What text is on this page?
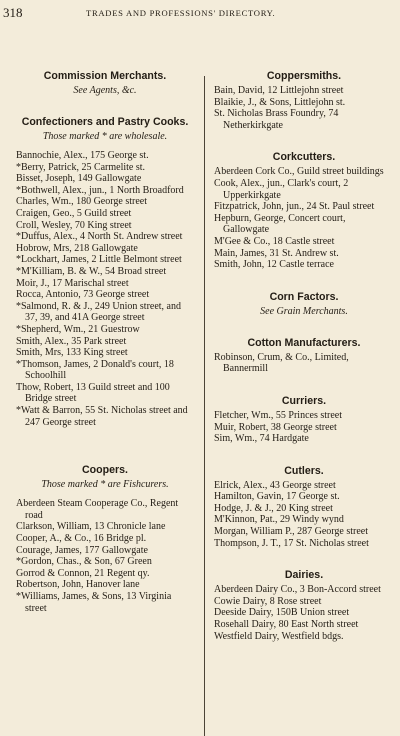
318	TRADES AND PROFESSIONS' DIRECTORY.
Commission Merchants.
See Agents, &c.
Confectioners and Pastry Cooks.
Those marked * are wholesale.
Bannochie, Alex., 175 George st.
*Berry, Patrick, 25 Carmelite st.
Bisset, Joseph, 149 Gallowgate
*Bothwell, Alex., jun., 1 North Broadford
Charles, Wm., 180 George street
Craigen, Geo., 5 Guild street
Croll, Wesley, 70 King street
*Duffus, Alex., 4 North St. Andrew street
Hobrow, Mrs, 218 Gallowgate
*Lockhart, James, 2 Little Belmont street
*M'Killiam, B. & W., 54 Broad street
Moir, J., 17 Marischal street
Rocca, Antonio, 73 George street
*Salmond, R. & J., 249 Union street, and 37, 39, and 41A George street
*Shepherd, Wm., 21 Guestrow
Smith, Alex., 35 Park street
Smith, Mrs, 133 King street
*Thomson, James, 2 Donald's court, 18 Schoolhill
Thow, Robert, 13 Guild street and 100 Bridge street
*Watt & Barron, 55 St. Nicholas street and 247 George street
Coopers.
Those marked * are Fishcurers.
Aberdeen Steam Cooperage Co., Regent road
Clarkson, William, 13 Chronicle lane
Cooper, A., & Co., 16 Bridge pl.
Courage, James, 177 Gallowgate
*Gordon, Chas., & Son, 67 Green
Gorrod & Connon, 21 Regent qy.
Robertson, John, Hanover lane
*Williams, James, & Sons, 13 Virginia street
Coppersmiths.
Bain, David, 12 Littlejohn street
Blaikie, J., & Sons, Littlejohn st.
St. Nicholas Brass Foundry, 74 Netherkirkgate
Corkcutters.
Aberdeen Cork Co., Guild street buildings
Cook, Alex., jun., Clark's court, 2 Upperkirkgate
Fitzpatrick, John, jun., 24 St. Paul street
Hepburn, George, Concert court, Gallowgate
M'Gee & Co., 18 Castle street
Main, James, 31 St. Andrew st.
Smith, John, 12 Castle terrace
Corn Factors.
See Grain Merchants.
Cotton Manufacturers.
Robinson, Crum, & Co., Limited, Bannermill
Curriers.
Fletcher, Wm., 55 Princes street
Muir, Robert, 38 George street
Sim, Wm., 74 Hardgate
Cutlers.
Elrick, Alex., 43 George street
Hamilton, Gavin, 17 George st.
Hodge, J. & J., 20 King street
M'Kinnon, Pat., 29 Windy wynd
Morgan, William P., 287 George street
Thompson, J. T., 17 St. Nicholas street
Dairies.
Aberdeen Dairy Co., 3 Bon-Accord street
Cowie Dairy, 8 Rose street
Deeside Dairy, 150B Union street
Rosehall Dairy, 80 East North street
Westfield Dairy, Westfield bdgs.
